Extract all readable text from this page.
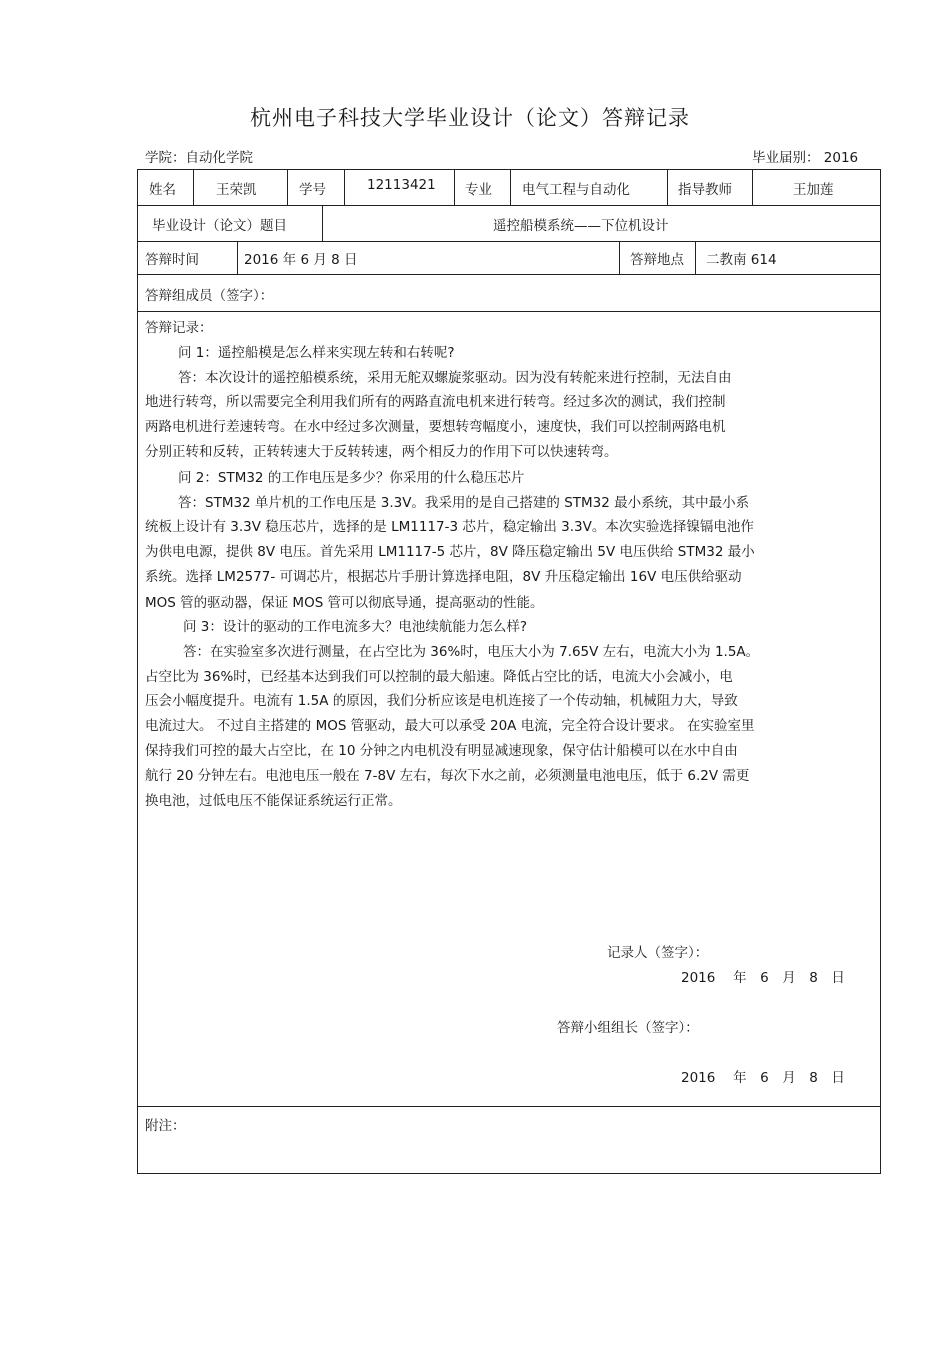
杭州电子科技大学毕业设计（论文）答辩记录
学院：自动化学院	毕业届别： 2016
姓名	王荣凯	学号	12113421 专业 电气工程与自动化	指导教师	王加莲
毕业设计（论文）题目	遥控船模系统——下位机设计
答辩时间	2016 年 6 月 8 日	答辩地点	二教南 614
答辩组成员（签字）：
答辩记录：
问 1：遥控船模是怎么样来实现左转和右转呢?
答：本次设计的遥控船模系统，采用无舵双螺旋浆驱动。因为没有转舵来进行控制，无法自由
地进行转弯，所以需要完全利用我们所有的两路直流电机来进行转弯。经过多次的测试，我们控制
两路电机进行差速转弯。在水中经过多次测量，要想转弯幅度小，速度快，我们可以控制两路电机
分别正转和反转，正转转速大于反转转速，两个相反力的作用下可以快速转弯。
问 2：STM32 的工作电压是多少？你采用的什么稳压芯片
答：STM32 单片机的工作电压是 3.3V。我采用的是自己搭建的 STM32 最小系统，其中最小系
统板上设计有 3.3V 稳压芯片，选择的是 LM1117-3 芯片，稳定输出 3.3V。本次实验选择镍镉电池作
为供电电源，提供 8V 电压。首先采用 LM1117-5 芯片，8V 降压稳定输出 5V 电压供给 STM32 最小
系统。选择 LM2577- 可调芯片，根据芯片手册计算选择电阻，8V 升压稳定输出 16V 电压供给驱动
MOS 管的驱动器，保证 MOS 管可以彻底导通，提高驱动的性能。
问 3：设计的驱动的工作电流多大？电池续航能力怎么样?
答：在实验室多次进行测量，在占空比为 36%时，电压大小为 7.65V 左右，电流大小为 1.5A。
占空比为 36%时，已经基本达到我们可以控制的最大船速。降低占空比的话，电流大小会减小，电
压会小幅度提升。电流有 1.5A 的原因，我们分析应该是电机连接了一个传动轴，机械阻力大，导致
电流过大。 不过自主搭建的 MOS 管驱动，最大可以承受 20A 电流，完全符合设计要求。 在实验室里
保持我们可控的最大占空比，在 10 分钟之内电机没有明显减速现象，保守估计船模可以在水中自由
航行 20 分钟左右。电池电压一般在 7-8V 左右，每次下水之前，必须测量电池电压，低于 6.2V 需更
换电池，过低电压不能保证系统运行正常。
记录人（签字）：
2016　 年　6　月　8　日
答辩小组组长（签字）：
2016　 年　6　月　8　日
附注：
